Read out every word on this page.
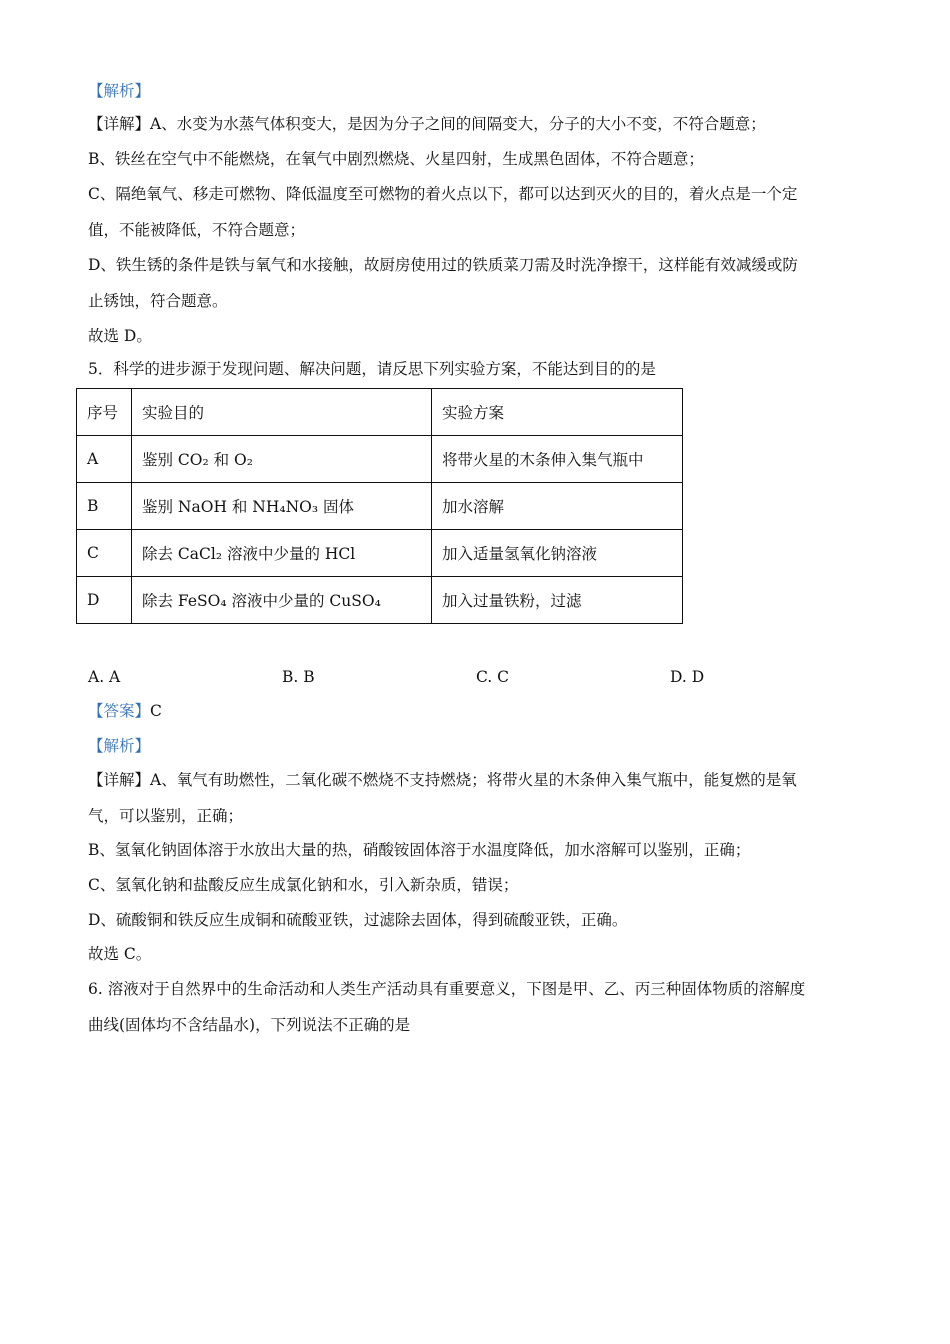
【解析】
【详解】A、水变为水蒸气体积变大，是因为分子之间的间隔变大，分子的大小不变，不符合题意；
B、铁丝在空气中不能燃烧，在氧气中剧烈燃烧、火星四射，生成黑色固体，不符合题意；
C、隔绝氧气、移走可燃物、降低温度至可燃物的着火点以下，都可以达到灭火的目的，着火点是一个定
值，不能被降低，不符合题意；
D、铁生锈的条件是铁与氧气和水接触，故厨房使用过的铁质菜刀需及时洗净擦干，这样能有效减缓或防
止锈蚀，符合题意。
故选 D。
5．科学的进步源于发现问题、解决问题，请反思下列实验方案，不能达到目的的是
序号	实验目的	实验方案
A	鉴别 CO₂ 和 O₂	将带火星的木条伸入集气瓶中
B	鉴别 NaOH 和 NH₄NO₃ 固体	加水溶解
C	除去 CaCl₂ 溶液中少量的 HCl	加入适量氢氧化钠溶液
D	除去 FeSO₄ 溶液中少量的 CuSO₄	加入过量铁粉，过滤
A. A	B. B	C. C	D. D
【答案】C
【解析】
【详解】A、氧气有助燃性，二氧化碳不燃烧不支持燃烧；将带火星的木条伸入集气瓶中，能复燃的是氧
气，可以鉴别，正确；
B、氢氧化钠固体溶于水放出大量的热，硝酸铵固体溶于水温度降低，加水溶解可以鉴别，正确；
C、氢氧化钠和盐酸反应生成氯化钠和水，引入新杂质，错误；
D、硫酸铜和铁反应生成铜和硫酸亚铁，过滤除去固体，得到硫酸亚铁，正确。
故选 C。
6. 溶液对于自然界中的生命活动和人类生产活动具有重要意义，下图是甲、乙、丙三种固体物质的溶解度
曲线(固体均不含结晶水)，下列说法不正确的是
